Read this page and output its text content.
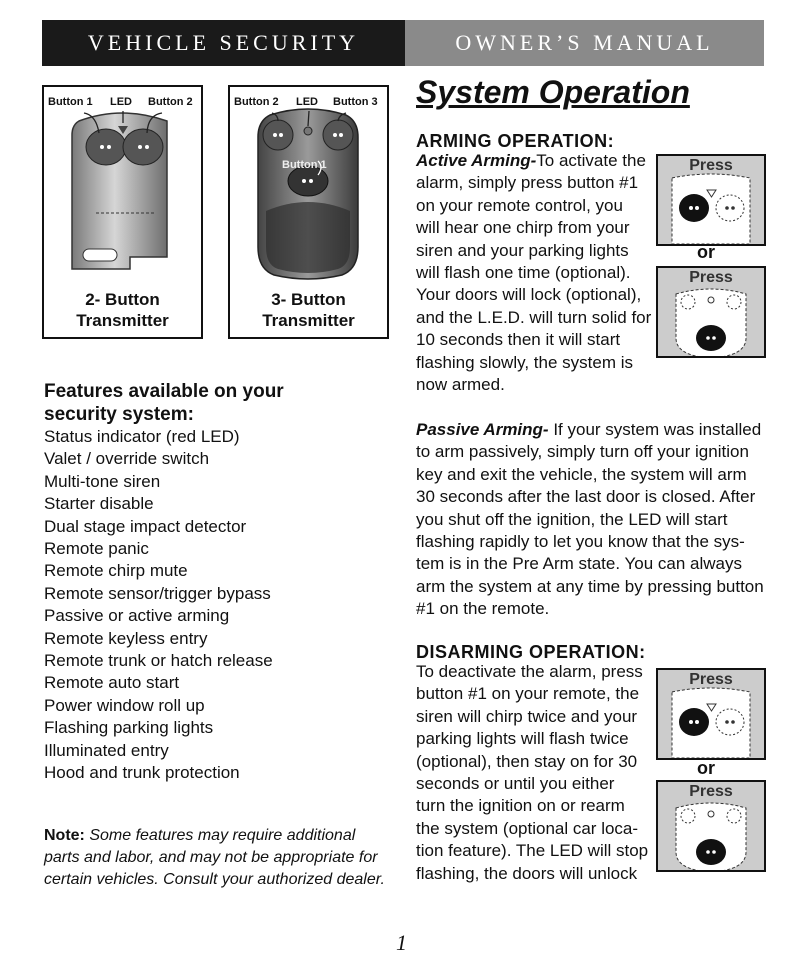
VEHICLE SECURITY	OWNER’S MANUAL
Button 1 LED Button 2
2- Button
Transmitter
Button 2 LED Button 3
Button 1
3- Button
Transmitter
Features available on your
security system:
Status indicator (red LED)
Valet / override switch
Multi-tone siren
Starter disable
Dual stage impact detector
Remote panic
Remote chirp mute
Remote sensor/trigger bypass
Passive or active arming
Remote keyless entry
Remote trunk or hatch release
Remote auto start
Power window roll up
Flashing parking lights
Illuminated entry
Hood and trunk protection
Note: Some features may require additional parts and labor, and may not be appropriate for certain vehicles. Consult your authorized dealer.
System Operation
ARMING OPERATION:
Active Arming-To activate the
alarm, simply press button #1
on your remote control, you
will hear one chirp from your
siren and your parking lights
will flash one time (optional).
Your doors will lock (optional),
and the L.E.D. will turn solid for
10 seconds then it will start
flashing slowly, the system is
now armed.
Passive Arming- If your system was installed
to arm passively, simply turn off your ignition
key and exit the vehicle, the system will arm
30 seconds after the last door is closed. After
you shut off the ignition, the LED will start
flashing rapidly to let you know that the sys-
tem is in the Pre Arm state. You can always
arm the system at any time by pressing button
#1 on the remote.
DISARMING OPERATION:
To deactivate the alarm, press
button #1 on your remote, the
siren will chirp twice and your
parking lights will flash twice
(optional), then stay on for 30
seconds or until you either
turn the ignition on or rearm
the system (optional car loca-
tion feature). The LED will stop
flashing, the doors will unlock
Press
or
Press
Press
or
Press
1
